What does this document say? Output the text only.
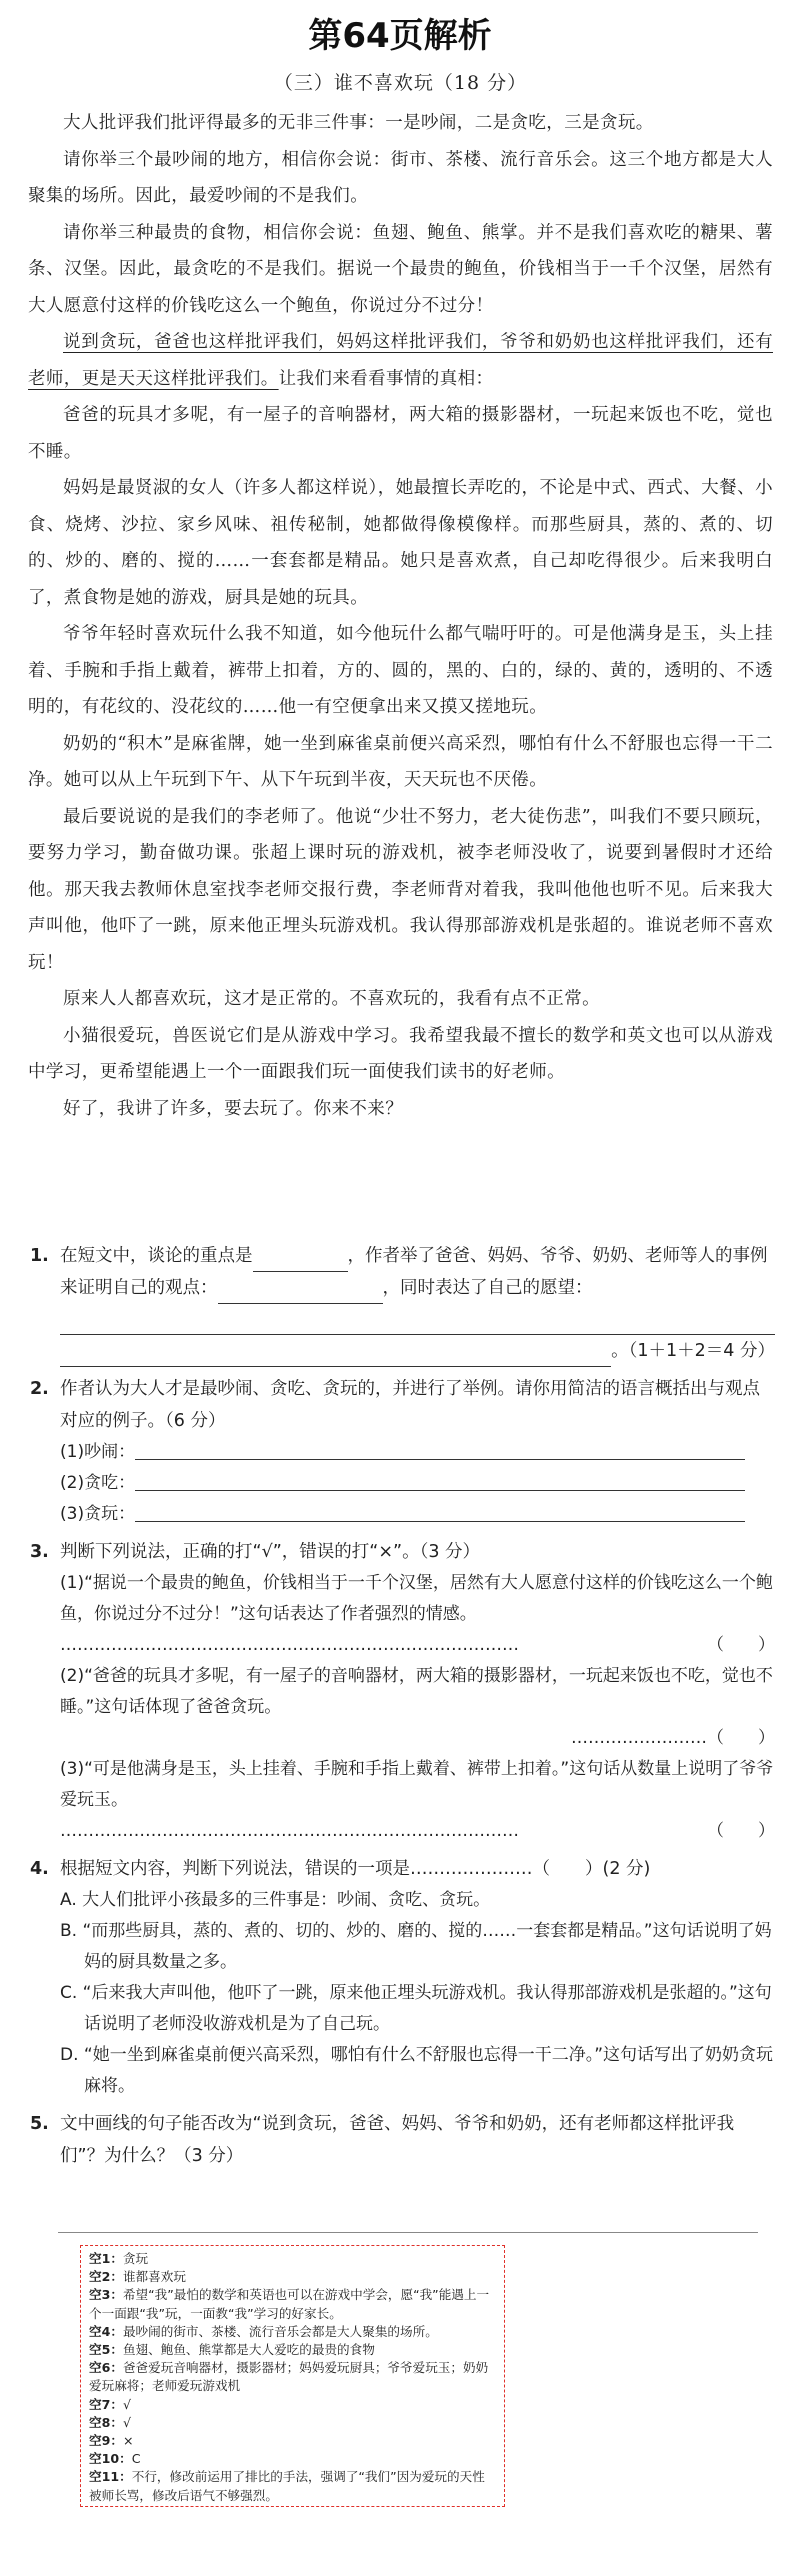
第64页解析
（三）谁不喜欢玩（18 分）

大人批评我们批评得最多的无非三件事：一是吵闹，二是贪吃，三是贪玩。

请你举三个最吵闹的地方，相信你会说：街市、茶楼、流行音乐会。这三个地方都是大人聚集的场所。因此，最爱吵闹的不是我们。

请你举三种最贵的食物，相信你会说：鱼翅、鲍鱼、熊掌。并不是我们喜欢吃的糖果、薯条、汉堡。因此，最贪吃的不是我们。据说一个最贵的鲍鱼，价钱相当于一千个汉堡，居然有大人愿意付这样的价钱吃这么一个鲍鱼，你说过分不过分！

说到贪玩，爸爸也这样批评我们，妈妈这样批评我们，爷爷和奶奶也这样批评我们，还有老师，更是天天这样批评我们。让我们来看看事情的真相：

爸爸的玩具才多呢，有一屋子的音响器材，两大箱的摄影器材，一玩起来饭也不吃，觉也不睡。

妈妈是最贤淑的女人（许多人都这样说），她最擅长弄吃的，不论是中式、西式、大餐、小食、烧烤、沙拉、家乡风味、祖传秘制，她都做得像模像样。而那些厨具，蒸的、煮的、切的、炒的、磨的、搅的……一套套都是精品。她只是喜欢煮，自己却吃得很少。后来我明白了，煮食物是她的游戏，厨具是她的玩具。

爷爷年轻时喜欢玩什么我不知道，如今他玩什么都气喘吁吁的。可是他满身是玉，头上挂着、手腕和手指上戴着，裤带上扣着，方的、圆的，黑的、白的，绿的、黄的，透明的、不透明的，有花纹的、没花纹的……他一有空便拿出来又摸又搓地玩。

奶奶的“积木”是麻雀牌，她一坐到麻雀桌前便兴高采烈，哪怕有什么不舒服也忘得一干二净。她可以从上午玩到下午、从下午玩到半夜，天天玩也不厌倦。

最后要说说的是我们的李老师了。他说“少壮不努力，老大徒伤悲”，叫我们不要只顾玩，要努力学习，勤奋做功课。张超上课时玩的游戏机，被李老师没收了，说要到暑假时才还给他。那天我去教师休息室找李老师交报行费，李老师背对着我，我叫他他也听不见。后来我大声叫他，他吓了一跳，原来他正埋头玩游戏机。我认得那部游戏机是张超的。谁说老师不喜欢玩！

原来人人都喜欢玩，这才是正常的。不喜欢玩的，我看有点不正常。

小猫很爱玩，兽医说它们是从游戏中学习。我希望我最不擅长的数学和英文也可以从游戏中学习，更希望能遇上一个一面跟我们玩一面使我们读书的好老师。

好了，我讲了许多，要去玩了。你来不来？

1. 在短文中，谈论的重点是	，作者举了爸爸、妈妈、爷爷、奶奶、老师等人的事例来证明自己的观点：	，同时表达了自己的愿望：
。（1＋1＋2＝4 分）
2. 作者认为大人才是最吵闹、贪吃、贪玩的，并进行了举例。请你用简洁的语言概括出与观点对应的例子。（6 分）
(1)吵闹：
(2)贪吃：
(3)贪玩：
3. 判断下列说法，正确的打“√”，错误的打“×”。（3 分）
(1)“据说一个最贵的鲍鱼，价钱相当于一千个汉堡，居然有大人愿意付这样的价钱吃这么一个鲍鱼，你说过分不过分！”这句话表达了作者强烈的情感。
………………………………………………………………………	（　　）
(2)“爸爸的玩具才多呢，有一屋子的音响器材，两大箱的摄影器材，一玩起来饭也不吃，觉也不睡。”这句话体现了爸爸贪玩。
…………………… （　　）
(3)“可是他满身是玉，头上挂着、手腕和手指上戴着、裤带上扣着。”这句话从数量上说明了爷爷爱玩玉。
………………………………………………………………………	（　　）
4. 根据短文内容，判断下列说法，错误的一项是…………………（　　）(2 分)
A. 大人们批评小孩最多的三件事是：吵闹、贪吃、贪玩。
B. “而那些厨具，蒸的、煮的、切的、炒的、磨的、搅的……一套套都是精品。”这句话说明了妈妈的厨具数量之多。
C. “后来我大声叫他，他吓了一跳，原来他正埋头玩游戏机。我认得那部游戏机是张超的。”这句话说明了老师没收游戏机是为了自己玩。
D. “她一坐到麻雀桌前便兴高采烈，哪怕有什么不舒服也忘得一干二净。”这句话写出了奶奶贪玩麻将。
5. 文中画线的句子能否改为“说到贪玩，爸爸、妈妈、爷爷和奶奶，还有老师都这样批评我们”？为什么？（3 分）

空1：贪玩

空2：谁都喜欢玩

空3：希望“我”最怕的数学和英语也可以在游戏中学会，愿“我”能遇上一个一面跟“我”玩，一面教“我”学习的好家长。

空4：最吵闹的街市、茶楼、流行音乐会都是大人聚集的场所。

空5：鱼翅、鲍鱼、熊掌都是大人爱吃的最贵的食物

空6：爸爸爱玩音响器材，摄影器材；妈妈爱玩厨具；爷爷爱玩玉；奶奶爱玩麻将；老师爱玩游戏机

空7：√

空8：√

空9：×

空10：C

空11：不行，修改前运用了排比的手法，强调了“我们”因为爱玩的天性被师长骂，修改后语气不够强烈。
